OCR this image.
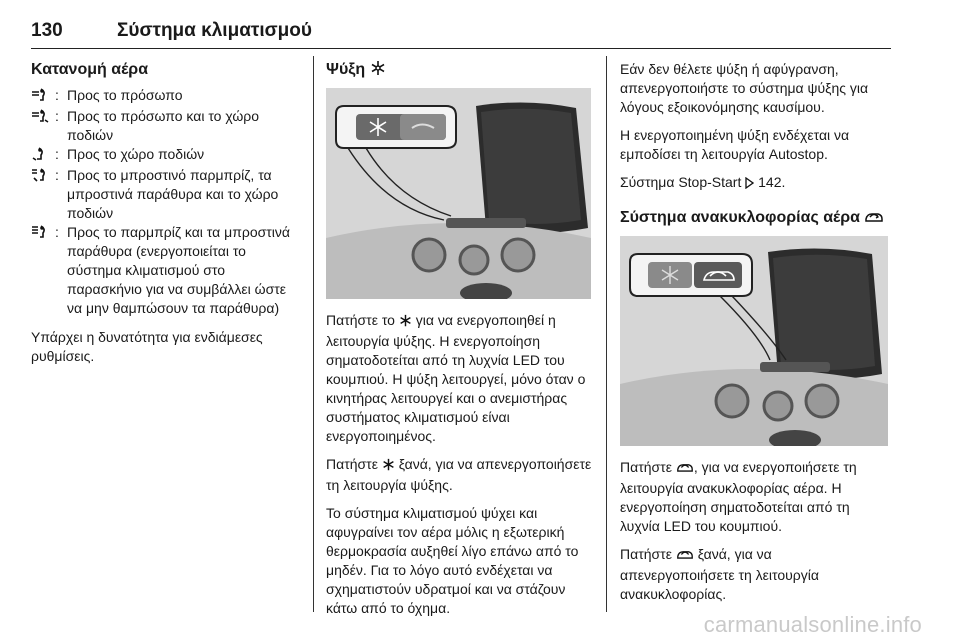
130	Σύστημα κλιματισμού
Κατανομή αέρα
: Προς το πρόσωπο
: Προς το πρόσωπο και το χώρο ποδιών
: Προς το χώρο ποδιών
: Προς το μπροστινό παρμπρίζ, τα μπροστινά παράθυρα και το χώρο ποδιών
: Προς το παρμπρίζ και τα μπροστινά παράθυρα (ενεργοποιείται το σύστημα κλιματισμού στο παρασκήνιο για να συμβάλλει ώστε να μην θαμπώσουν τα παράθυρα)

Υπάρχει η δυνατότητα για ενδιάμεσες ρυθμίσεις.

Ψύξη

Πατήστε το για να ενεργοποιηθεί η λειτουργία ψύξης. Η ενεργοποίηση σηματοδοτείται από τη λυχνία LED του κουμπιού. Η ψύξη λειτουργεί, μόνο όταν ο κινητήρας λειτουργεί και ο ανεμιστήρας συστήματος κλιματισμού είναι ενεργοποιημένος.

Πατήστε ξανά, για να απενεργοποιήσετε τη λειτουργία ψύξης.

Το σύστημα κλιματισμού ψύχει και αφυγραίνει τον αέρα μόλις η εξωτερική θερμοκρασία αυξηθεί λίγο επάνω από το μηδέν. Για το λόγο αυτό ενδέχεται να σχηματιστούν υδρατμοί και να στάζουν κάτω από το όχημα.

Εάν δεν θέλετε ψύξη ή αφύγρανση, απενεργοποιήστε το σύστημα ψύξης για λόγους εξοικονόμησης καυσίμου.

Η ενεργοποιημένη ψύξη ενδέχεται να εμποδίσει τη λειτουργία Autostop.

Σύστημα Stop-Start 142.

Σύστημα ανακυκλοφορίας αέρα

Πατήστε , για να ενεργοποιήσετε τη λειτουργία ανακυκλοφορίας αέρα. Η ενεργοποίηση σηματοδοτείται από τη λυχνία LED του κουμπιού.

Πατήστε ξανά, για να απενεργοποιήσετε τη λειτουργία ανακυκλοφορίας.

carmanualsonline.info
